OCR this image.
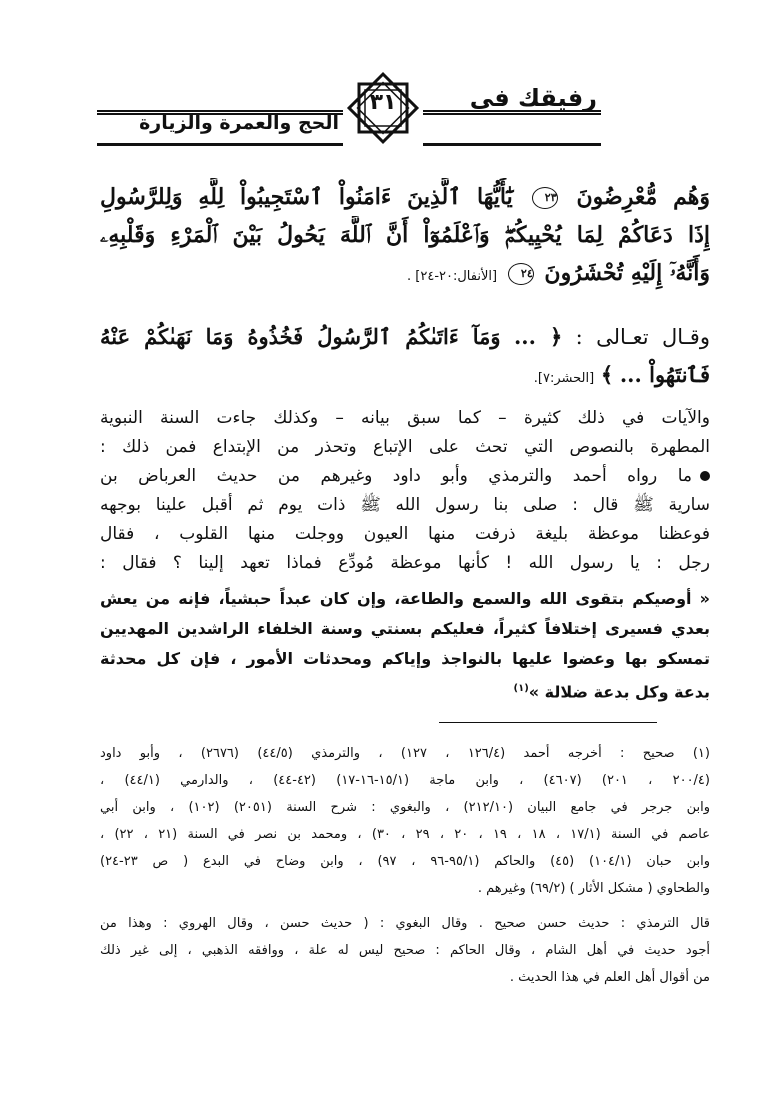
رفيقك في
الحج والعمرة والزيارة
٣١
وَهُم مُّعْرِضُونَ ٢٣ يَٰٓأَيُّهَا ٱلَّذِينَ ءَامَنُواْ ٱسْتَجِيبُواْ لِلَّهِ وَلِلرَّسُولِ
إِذَا دَعَاكُمْ لِمَا يُحْيِيكُمْۖ وَٱعْلَمُوٓاْ أَنَّ ٱللَّهَ يَحُولُ بَيْنَ ٱلْمَرْءِ وَقَلْبِهِۦ
وَأَنَّهُۥٓ إِلَيْهِ تُحْشَرُونَ ٢٤ [الأنفال:٢٠-٢٤] .
وقـال تعـالى : ﴿ ... وَمَآ ءَاتَىٰكُمُ ٱلرَّسُولُ فَخُذُوهُ وَمَا نَهَىٰكُمْ عَنْهُ
فَٱنتَهُواْ ... ﴾ [الحشر:٧].
والآيات في ذلك كثيرة – كما سبق بيانه – وكذلك جاءت السنة النبوية
المطهرة بالنصوص التي تحث على الإتباع وتحذر من الإبتداع فمن ذلك :
ما رواه أحمد والترمذي وأبو داود وغيرهم من حديث العرباض بن
سارية ﷺ قال : صلى بنا رسول الله ﷺ ذات يوم ثم أقبل علينا بوجهه
فوعظنا موعظة بليغة ذرفت منها العيون ووجلت منها القلوب ، فقال
رجل : يا رسول الله ! كأنها موعظة مُودِّع فماذا تعهد إلينا ؟ فقال :
« أوصيكم بتقوى الله والسمع والطاعة، وإن كان عبداً حبشياً، فإنه من يعش
بعدي فسيرى إختلافاً كثيراً، فعليكم بسنتي وسنة الخلفاء الراشدين المهديين
تمسكو بها وعضوا عليها بالنواجذ وإياكم ومحدثات الأمور ، فإن كل محدثة
بدعة وكل بدعة ضلالة »$^{(١)}$
(١) صحيح : أخرجه أحمد (١٢٦/٤ ، ١٢٧) ، والترمذي (٤٤/٥) (٢٦٧٦) ، وأبو داود
(٢٠٠/٤ ، ٢٠١) (٤٦٠٧) ، وابن ماجة (١٥/١-١٦-١٧) (٤٢-٤٤) ، والدارمي (٤٤/١) ،
وابن جرجر في جامع البيان (٢١٢/١٠) ، والبغوي : شرح السنة (٢٠٥١) (١٠٢) ، وابن أبي
عاصم في السنة (١٧/١ ، ١٨ ، ١٩ ، ٢٠ ، ٢٩ ، ٣٠) ، ومحمد بن نصر في السنة (٢١ ، ٢٢) ،
وابن حبان (١٠٤/١) (٤٥) والحاكم (٩٥/١-٩٦ ، ٩٧) ، وابن وضاح في البدع ( ص ٢٣-٢٤)
والطحاوي ( مشكل الأثار ) (٦٩/٢) وغيرهم .
قال الترمذي : حديث حسن صحيح . وقال البغوي : ( حديث حسن ، وقال الهروي : وهذا من
أجود حديث في أهل الشام ، وقال الحاكم : صحيح ليس له علة ، ووافقه الذهبي ، إلى غير ذلك
من أقوال أهل العلم في هذا الحديث .
